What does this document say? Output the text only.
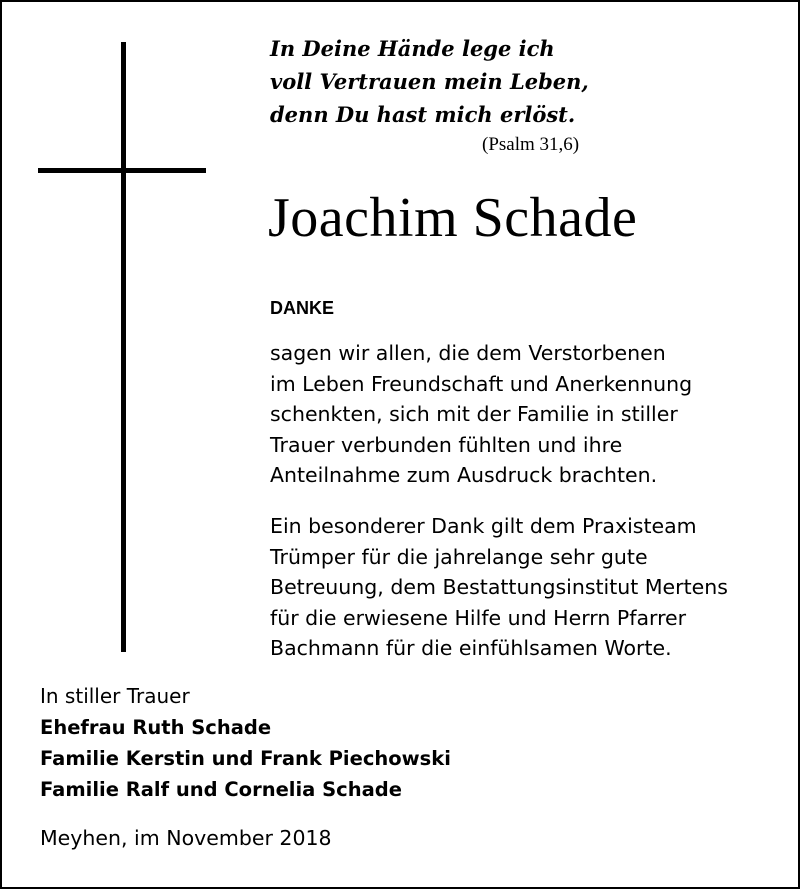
In Deine Hände lege ich
voll Vertrauen mein Leben,
denn Du hast mich erlöst.
(Psalm 31,6)
Joachim Schade
DANKE
sagen wir allen, die dem Verstorbenen
im Leben Freundschaft und Anerkennung
schenkten, sich mit der Familie in stiller
Trauer verbunden fühlten und ihre
Anteilnahme zum Ausdruck brachten.
Ein besonderer Dank gilt dem Praxisteam
Trümper für die jahrelange sehr gute
Betreuung, dem Bestattungsinstitut Mertens
für die erwiesene Hilfe und Herrn Pfarrer
Bachmann für die einfühlsamen Worte.
In stiller Trauer
Ehefrau Ruth Schade
Familie Kerstin und Frank Piechowski
Familie Ralf und Cornelia Schade
Meyhen, im November 2018
